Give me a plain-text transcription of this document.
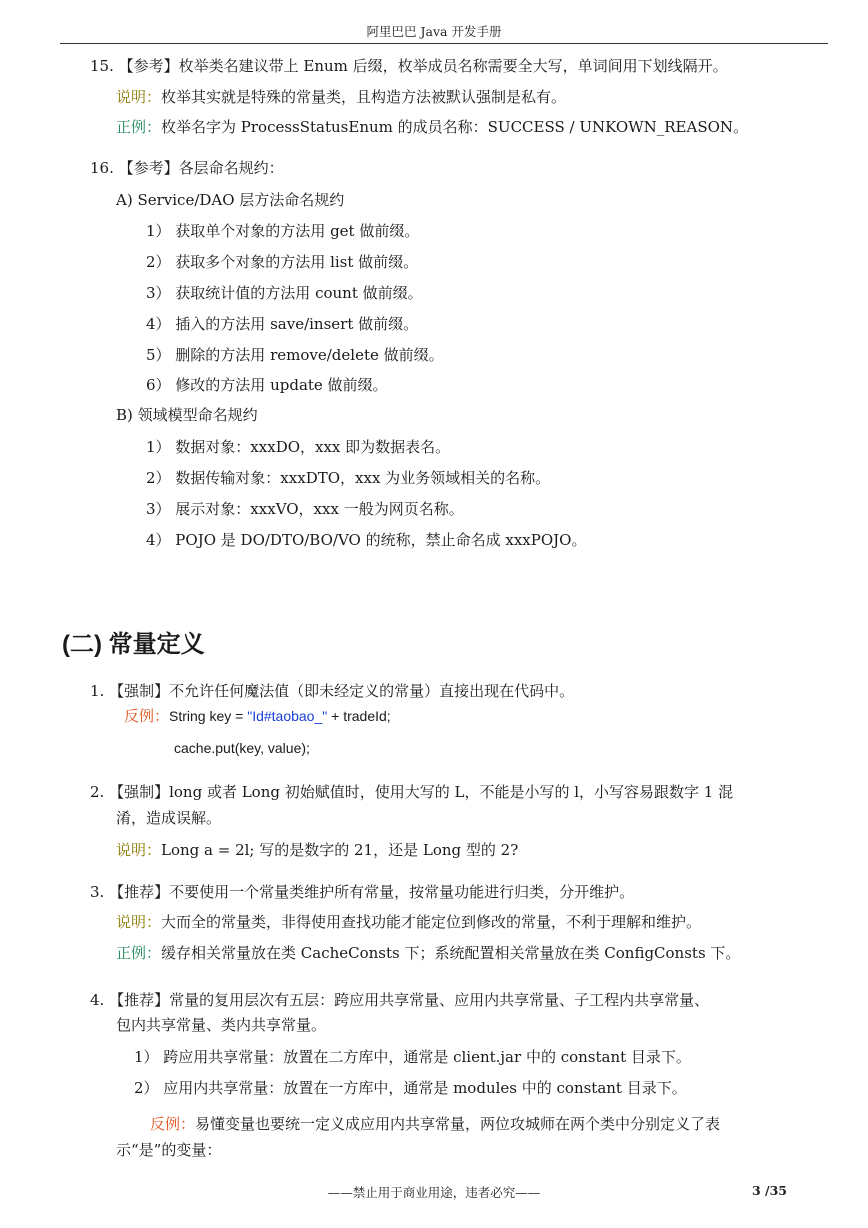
阿里巴巴 Java 开发手册
15. 【参考】枚举类名建议带上 Enum 后缀，枚举成员名称需要全大写，单词间用下划线隔开。
说明：枚举其实就是特殊的常量类，且构造方法被默认强制是私有。
正例：枚举名字为 ProcessStatusEnum 的成员名称：SUCCESS / UNKOWN_REASON。
16. 【参考】各层命名规约：
A) Service/DAO 层方法命名规约
1） 获取单个对象的方法用 get 做前缀。
2） 获取多个对象的方法用 list 做前缀。
3） 获取统计值的方法用 count 做前缀。
4） 插入的方法用 save/insert 做前缀。
5） 删除的方法用 remove/delete 做前缀。
6） 修改的方法用 update 做前缀。
B) 领域模型命名规约
1） 数据对象：xxxDO，xxx 即为数据表名。
2） 数据传输对象：xxxDTO，xxx 为业务领域相关的名称。
3） 展示对象：xxxVO，xxx 一般为网页名称。
4） POJO 是 DO/DTO/BO/VO 的统称，禁止命名成 xxxPOJO。
(二) 常量定义
1. 【强制】不允许任何魔法值（即未经定义的常量）直接出现在代码中。
反例：String key = "Id#taobao_" + tradeId;
cache.put(key, value);
2. 【强制】long 或者 Long 初始赋值时，使用大写的 L，不能是小写的 l，小写容易跟数字 1 混
淆，造成误解。
说明：Long a = 2l; 写的是数字的 21，还是 Long 型的 2?
3. 【推荐】不要使用一个常量类维护所有常量，按常量功能进行归类，分开维护。
说明：大而全的常量类，非得使用查找功能才能定位到修改的常量，不利于理解和维护。
正例：缓存相关常量放在类 CacheConsts 下；系统配置相关常量放在类 ConfigConsts 下。
4. 【推荐】常量的复用层次有五层：跨应用共享常量、应用内共享常量、子工程内共享常量、
包内共享常量、类内共享常量。
1） 跨应用共享常量：放置在二方库中，通常是 client.jar 中的 constant 目录下。
2） 应用内共享常量：放置在一方库中，通常是 modules 中的 constant 目录下。
反例：易懂变量也要统一定义成应用内共享常量，两位攻城师在两个类中分别定义了表
示“是”的变量：
——禁止用于商业用途，违者必究——	3 /35
